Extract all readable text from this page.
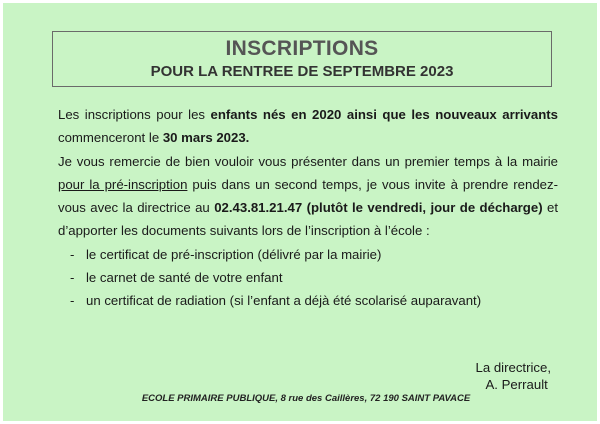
INSCRIPTIONS
POUR LA RENTREE DE SEPTEMBRE 2023

Les inscriptions pour les enfants nés en 2020 ainsi que les nouveaux arrivants commenceront le 30 mars 2023.

Je vous remercie de bien vouloir vous présenter dans un premier temps à la mairie pour la pré-inscription puis dans un second temps, je vous invite à prendre rendez-vous avec la directrice au 02.43.81.21.47 (plutôt le vendredi, jour de décharge) et d’apporter les documents suivants lors de l’inscription à l’école :

- le certificat de pré-inscription (délivré par la mairie)
- le carnet de santé de votre enfant
- un certificat de radiation (si l’enfant a déjà été scolarisé auparavant)
La directrice,
A. Perrault
ECOLE PRIMAIRE PUBLIQUE, 8 rue des Caillères, 72 190 SAINT PAVACE
